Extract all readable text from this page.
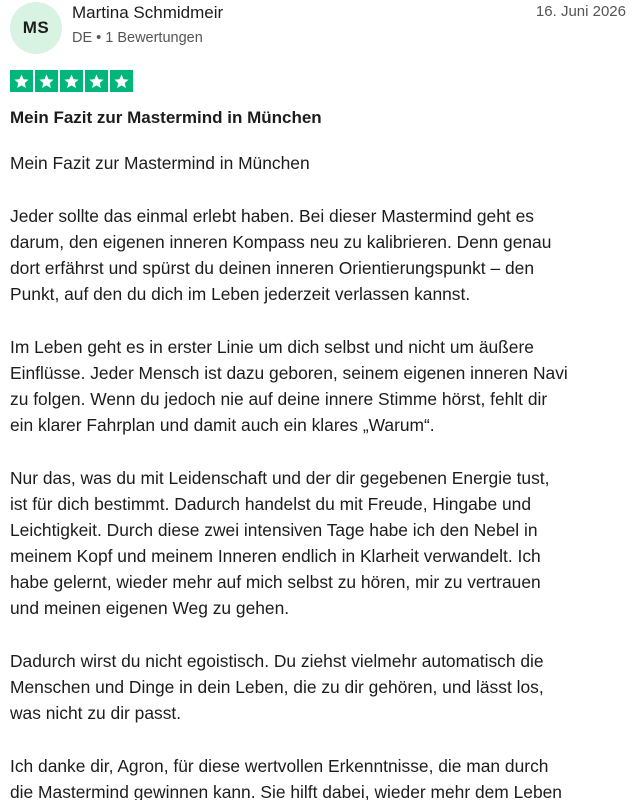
MS
Martina Schmidmeir
DE • 1 Bewertungen
16. Juni 2026
Mein Fazit zur Mastermind in München
Mein Fazit zur Mastermind in München
Jeder sollte das einmal erlebt haben. Bei dieser Mastermind geht es
darum, den eigenen inneren Kompass neu zu kalibrieren. Denn genau
dort erfährst und spürst du deinen inneren Orientierungspunkt – den
Punkt, auf den du dich im Leben jederzeit verlassen kannst.
Im Leben geht es in erster Linie um dich selbst und nicht um äußere
Einflüsse. Jeder Mensch ist dazu geboren, seinem eigenen inneren Navi
zu folgen. Wenn du jedoch nie auf deine innere Stimme hörst, fehlt dir
ein klarer Fahrplan und damit auch ein klares „Warum“.
Nur das, was du mit Leidenschaft und der dir gegebenen Energie tust,
ist für dich bestimmt. Dadurch handelst du mit Freude, Hingabe und
Leichtigkeit. Durch diese zwei intensiven Tage habe ich den Nebel in
meinem Kopf und meinem Inneren endlich in Klarheit verwandelt. Ich
habe gelernt, wieder mehr auf mich selbst zu hören, mir zu vertrauen
und meinen eigenen Weg zu gehen.
Dadurch wirst du nicht egoistisch. Du ziehst vielmehr automatisch die
Menschen und Dinge in dein Leben, die zu dir gehören, und lässt los,
was nicht zu dir passt.
Ich danke dir, Agron, für diese wertvollen Erkenntnisse, die man durch
die Mastermind gewinnen kann. Sie hilft dabei, wieder mehr dem Leben
